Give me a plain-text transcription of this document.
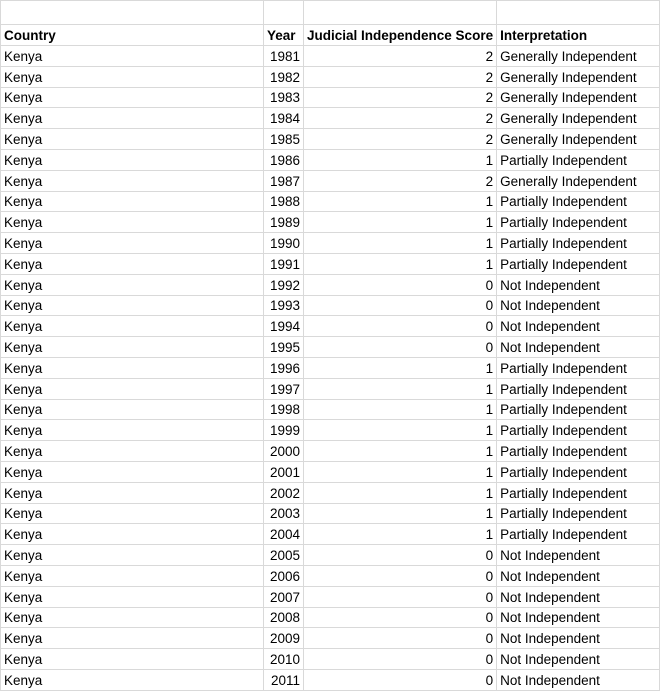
Country	Year	Judicial Independence Score	Interpretation
Kenya	1981	2	Generally Independent
Kenya	1982	2	Generally Independent
Kenya	1983	2	Generally Independent
Kenya	1984	2	Generally Independent
Kenya	1985	2	Generally Independent
Kenya	1986	1	Partially Independent
Kenya	1987	2	Generally Independent
Kenya	1988	1	Partially Independent
Kenya	1989	1	Partially Independent
Kenya	1990	1	Partially Independent
Kenya	1991	1	Partially Independent
Kenya	1992	0	Not Independent
Kenya	1993	0	Not Independent
Kenya	1994	0	Not Independent
Kenya	1995	0	Not Independent
Kenya	1996	1	Partially Independent
Kenya	1997	1	Partially Independent
Kenya	1998	1	Partially Independent
Kenya	1999	1	Partially Independent
Kenya	2000	1	Partially Independent
Kenya	2001	1	Partially Independent
Kenya	2002	1	Partially Independent
Kenya	2003	1	Partially Independent
Kenya	2004	1	Partially Independent
Kenya	2005	0	Not Independent
Kenya	2006	0	Not Independent
Kenya	2007	0	Not Independent
Kenya	2008	0	Not Independent
Kenya	2009	0	Not Independent
Kenya	2010	0	Not Independent
Kenya	2011	0	Not Independent
